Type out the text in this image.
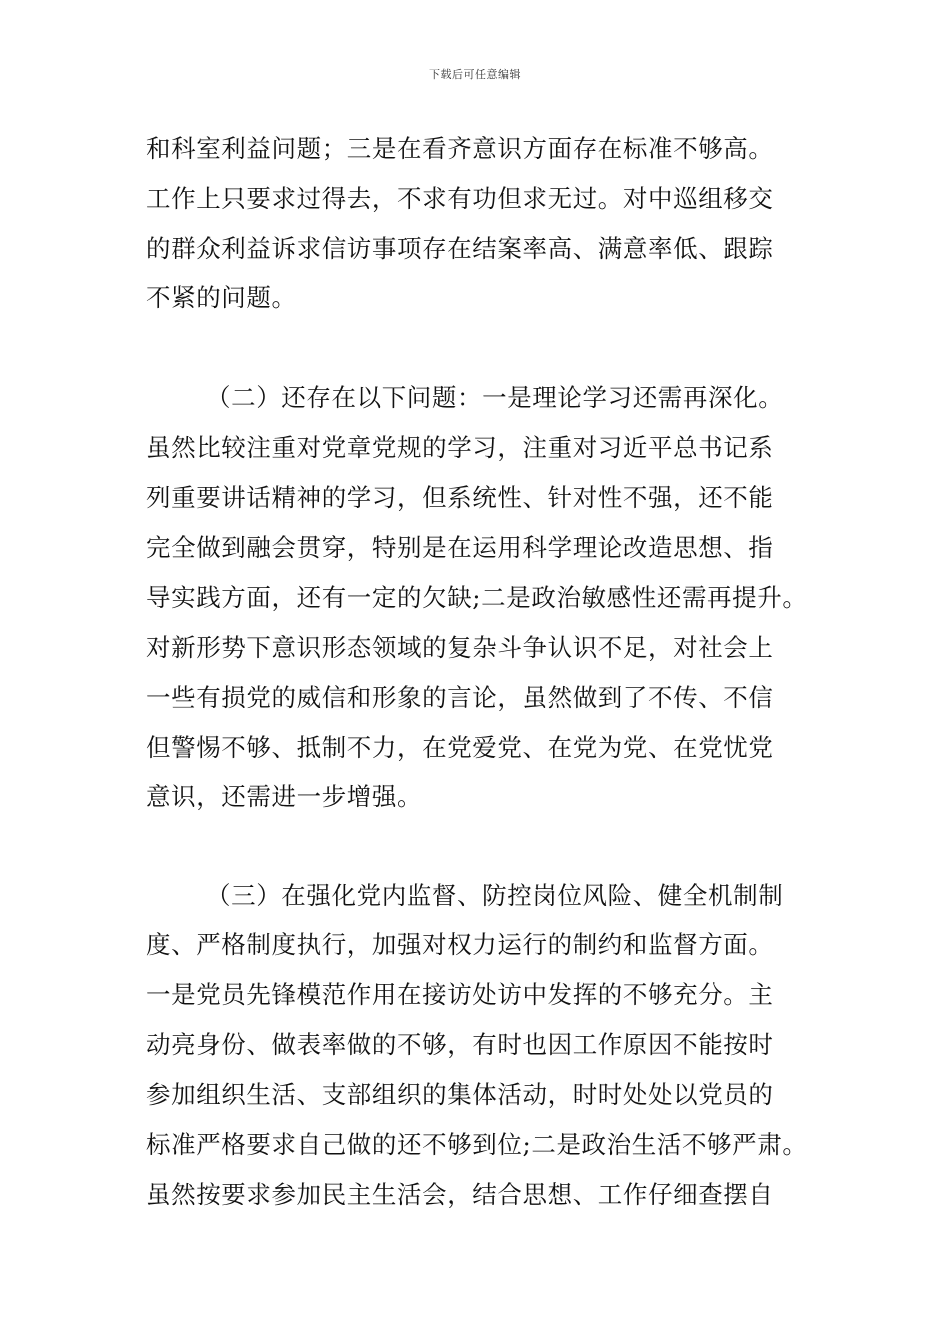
下载后可任意编辑
和科室利益问题；三是在看齐意识方面存在标准不够高。
工作上只要求过得去，不求有功但求无过。对中巡组移交
的群众利益诉求信访事项存在结案率高、满意率低、跟踪
不紧的问题。
（二）还存在以下问题：一是理论学习还需再深化。
虽然比较注重对党章党规的学习，注重对习近平总书记系
列重要讲话精神的学习，但系统性、针对性不强，还不能
完全做到融会贯穿，特别是在运用科学理论改造思想、指
导实践方面，还有一定的欠缺;二是政治敏感性还需再提升。
对新形势下意识形态领域的复杂斗争认识不足，对社会上
一些有损党的威信和形象的言论，虽然做到了不传、不信
但警惕不够、抵制不力，在党爱党、在党为党、在党忧党
意识，还需进一步增强。
（三）在强化党内监督、防控岗位风险、健全机制制
度、严格制度执行，加强对权力运行的制约和监督方面。
一是党员先锋模范作用在接访处访中发挥的不够充分。主
动亮身份、做表率做的不够，有时也因工作原因不能按时
参加组织生活、支部组织的集体活动，时时处处以党员的
标准严格要求自己做的还不够到位;二是政治生活不够严肃。
虽然按要求参加民主生活会，结合思想、工作仔细查摆自
